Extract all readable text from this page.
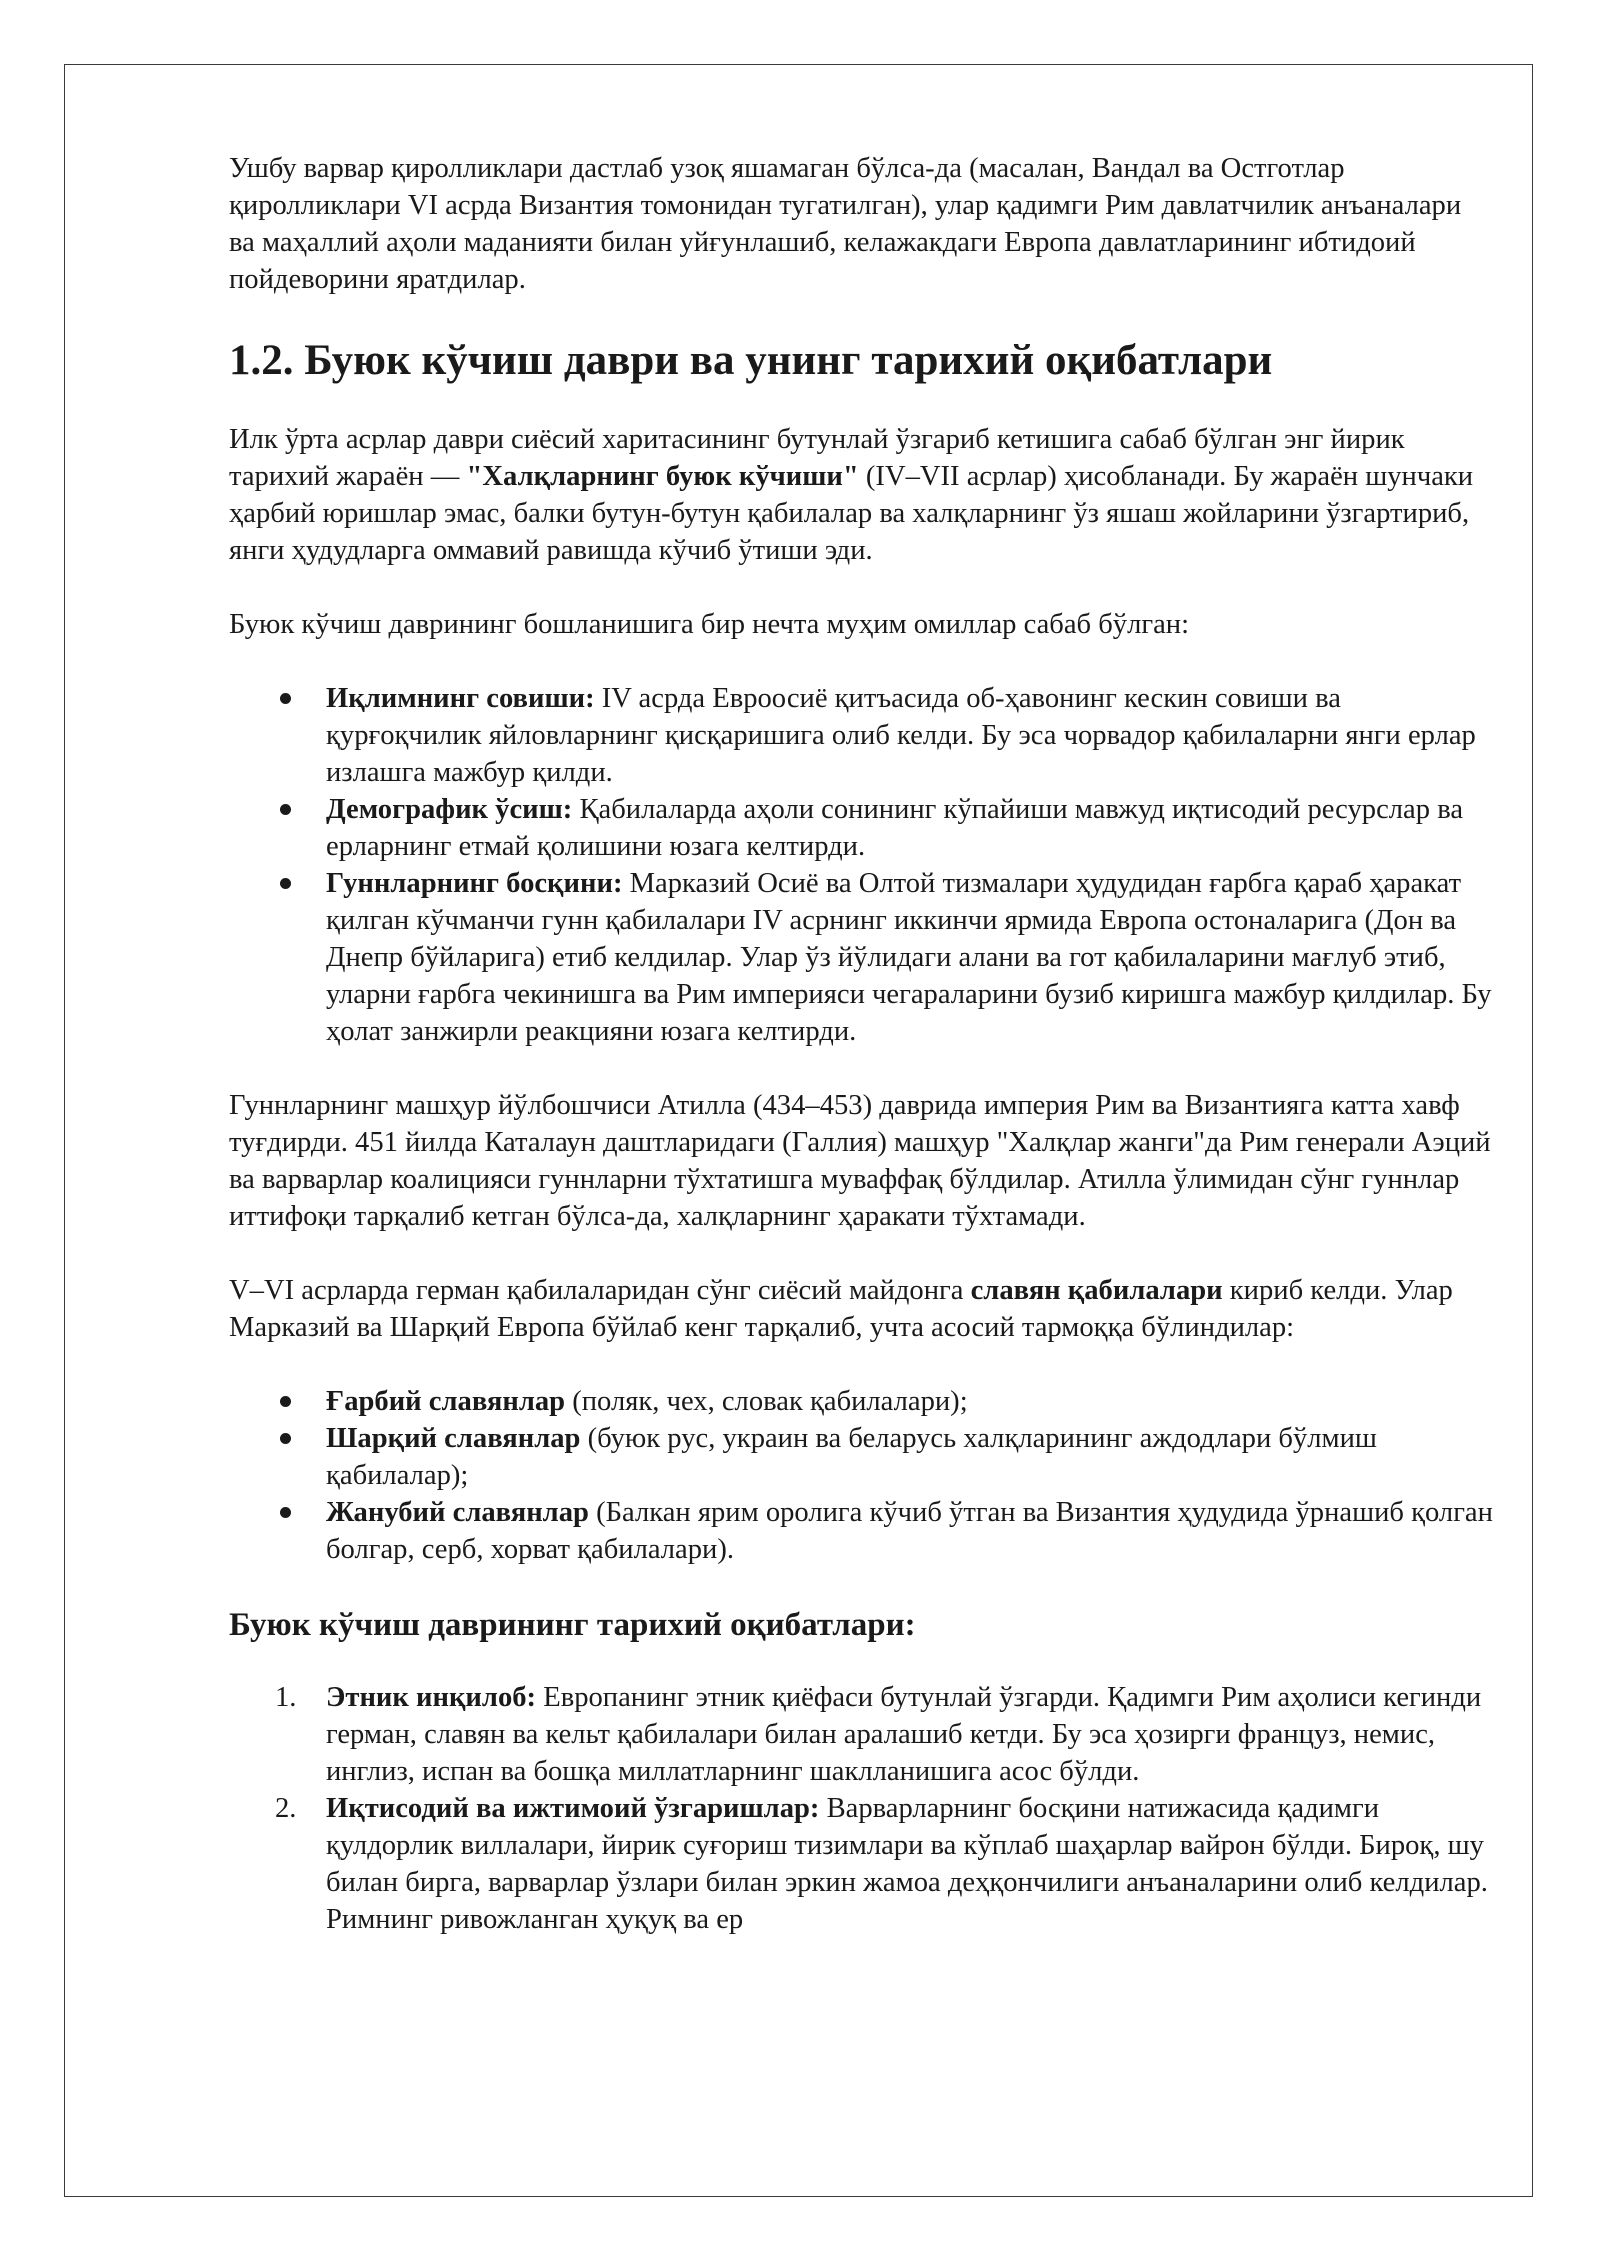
Ушбу варвар қиролликлари дастлаб узоқ яшамаган бўлса-да (масалан, Вандал ва Остготлар қиролликлари VI асрда Византия томонидан тугатилган), улар қадимги Рим давлатчилик анъаналари ва маҳаллий аҳоли маданияти билан уйғунлашиб, келажакдаги Европа давлатларининг ибтидоий пойдеворини яратдилар.

1.2. Буюк кўчиш даври ва унинг тарихий оқибатлари

Илк ўрта асрлар даври сиёсий харитасининг бутунлай ўзгариб кетишига сабаб бўлган энг йирик тарихий жараён — "Халқларнинг буюк кўчиши" (IV–VII асрлар) ҳисобланади. Бу жараён шунчаки ҳарбий юришлар эмас, балки бутун-бутун қабилалар ва халқларнинг ўз яшаш жойларини ўзгартириб, янги ҳудудларга оммавий равишда кўчиб ўтиши эди.

Буюк кўчиш даврининг бошланишига бир нечта муҳим омиллар сабаб бўлган:

Иқлимнинг совиши: IV асрда Евроосиё қитъасида об-ҳавонинг кескин совиши ва қурғоқчилик яйловларнинг қисқаришига олиб келди. Бу эса чорвадор қабилаларни янги ерлар излашга мажбур қилди.
Демографик ўсиш: Қабилаларда аҳоли сонининг кўпайиши мавжуд иқтисодий ресурслар ва ерларнинг етмай қолишини юзага келтирди.
Гуннларнинг босқини: Марказий Осиё ва Олтой тизмалари ҳудудидан ғарбга қараб ҳаракат қилган кўчманчи гунн қабилалари IV асрнинг иккинчи ярмида Европа остоналарига (Дон ва Днепр бўйларига) етиб келдилар. Улар ўз йўлидаги алани ва гот қабилаларини мағлуб этиб, уларни ғарбга чекинишга ва Рим империяси чегараларини бузиб киришга мажбур қилдилар. Бу ҳолат занжирли реакцияни юзага келтирди.

Гуннларнинг машҳур йўлбошчиси Атилла (434–453) даврида империя Рим ва Византияга катта хавф туғдирди. 451 йилда Каталаун даштларидаги (Галлия) машҳур "Халқлар жанги"да Рим генерали Аэций ва варварлар коалицияси гуннларни тўхтатишга муваффақ бўлдилар. Атилла ўлимидан сўнг гуннлар иттифоқи тарқалиб кетган бўлса-да, халқларнинг ҳаракати тўхтамади.

V–VI асрларда герман қабилаларидан сўнг сиёсий майдонга славян қабилалари кириб келди. Улар Марказий ва Шарқий Европа бўйлаб кенг тарқалиб, учта асосий тармоққа бўлиндилар:

Ғарбий славянлар (поляк, чех, словак қабилалари);
Шарқий славянлар (буюк рус, украин ва беларусь халқларининг аждодлари бўлмиш қабилалар);
Жанубий славянлар (Балкан ярим оролига кўчиб ўтган ва Византия ҳудудида ўрнашиб қолган болгар, серб, хорват қабилалари).
Буюк кўчиш даврининг тарихий оқибатлари:
1. Этник инқилоб: Европанинг этник қиёфаси бутунлай ўзгарди. Қадимги Рим аҳолиси кегинди герман, славян ва кельт қабилалари билан аралашиб кетди. Бу эса ҳозирги француз, немис, инглиз, испан ва бошқа миллатларнинг шаклланишига асос бўлди.
2. Иқтисодий ва ижтимоий ўзгаришлар: Варварларнинг босқини натижасида қадимги қулдорлик виллалари, йирик суғориш тизимлари ва кўплаб шаҳарлар вайрон бўлди. Бироқ, шу билан бирга, варварлар ўзлари билан эркин жамоа деҳқончилиги анъаналарини олиб келдилар. Римнинг ривожланган ҳуқуқ ва ер
